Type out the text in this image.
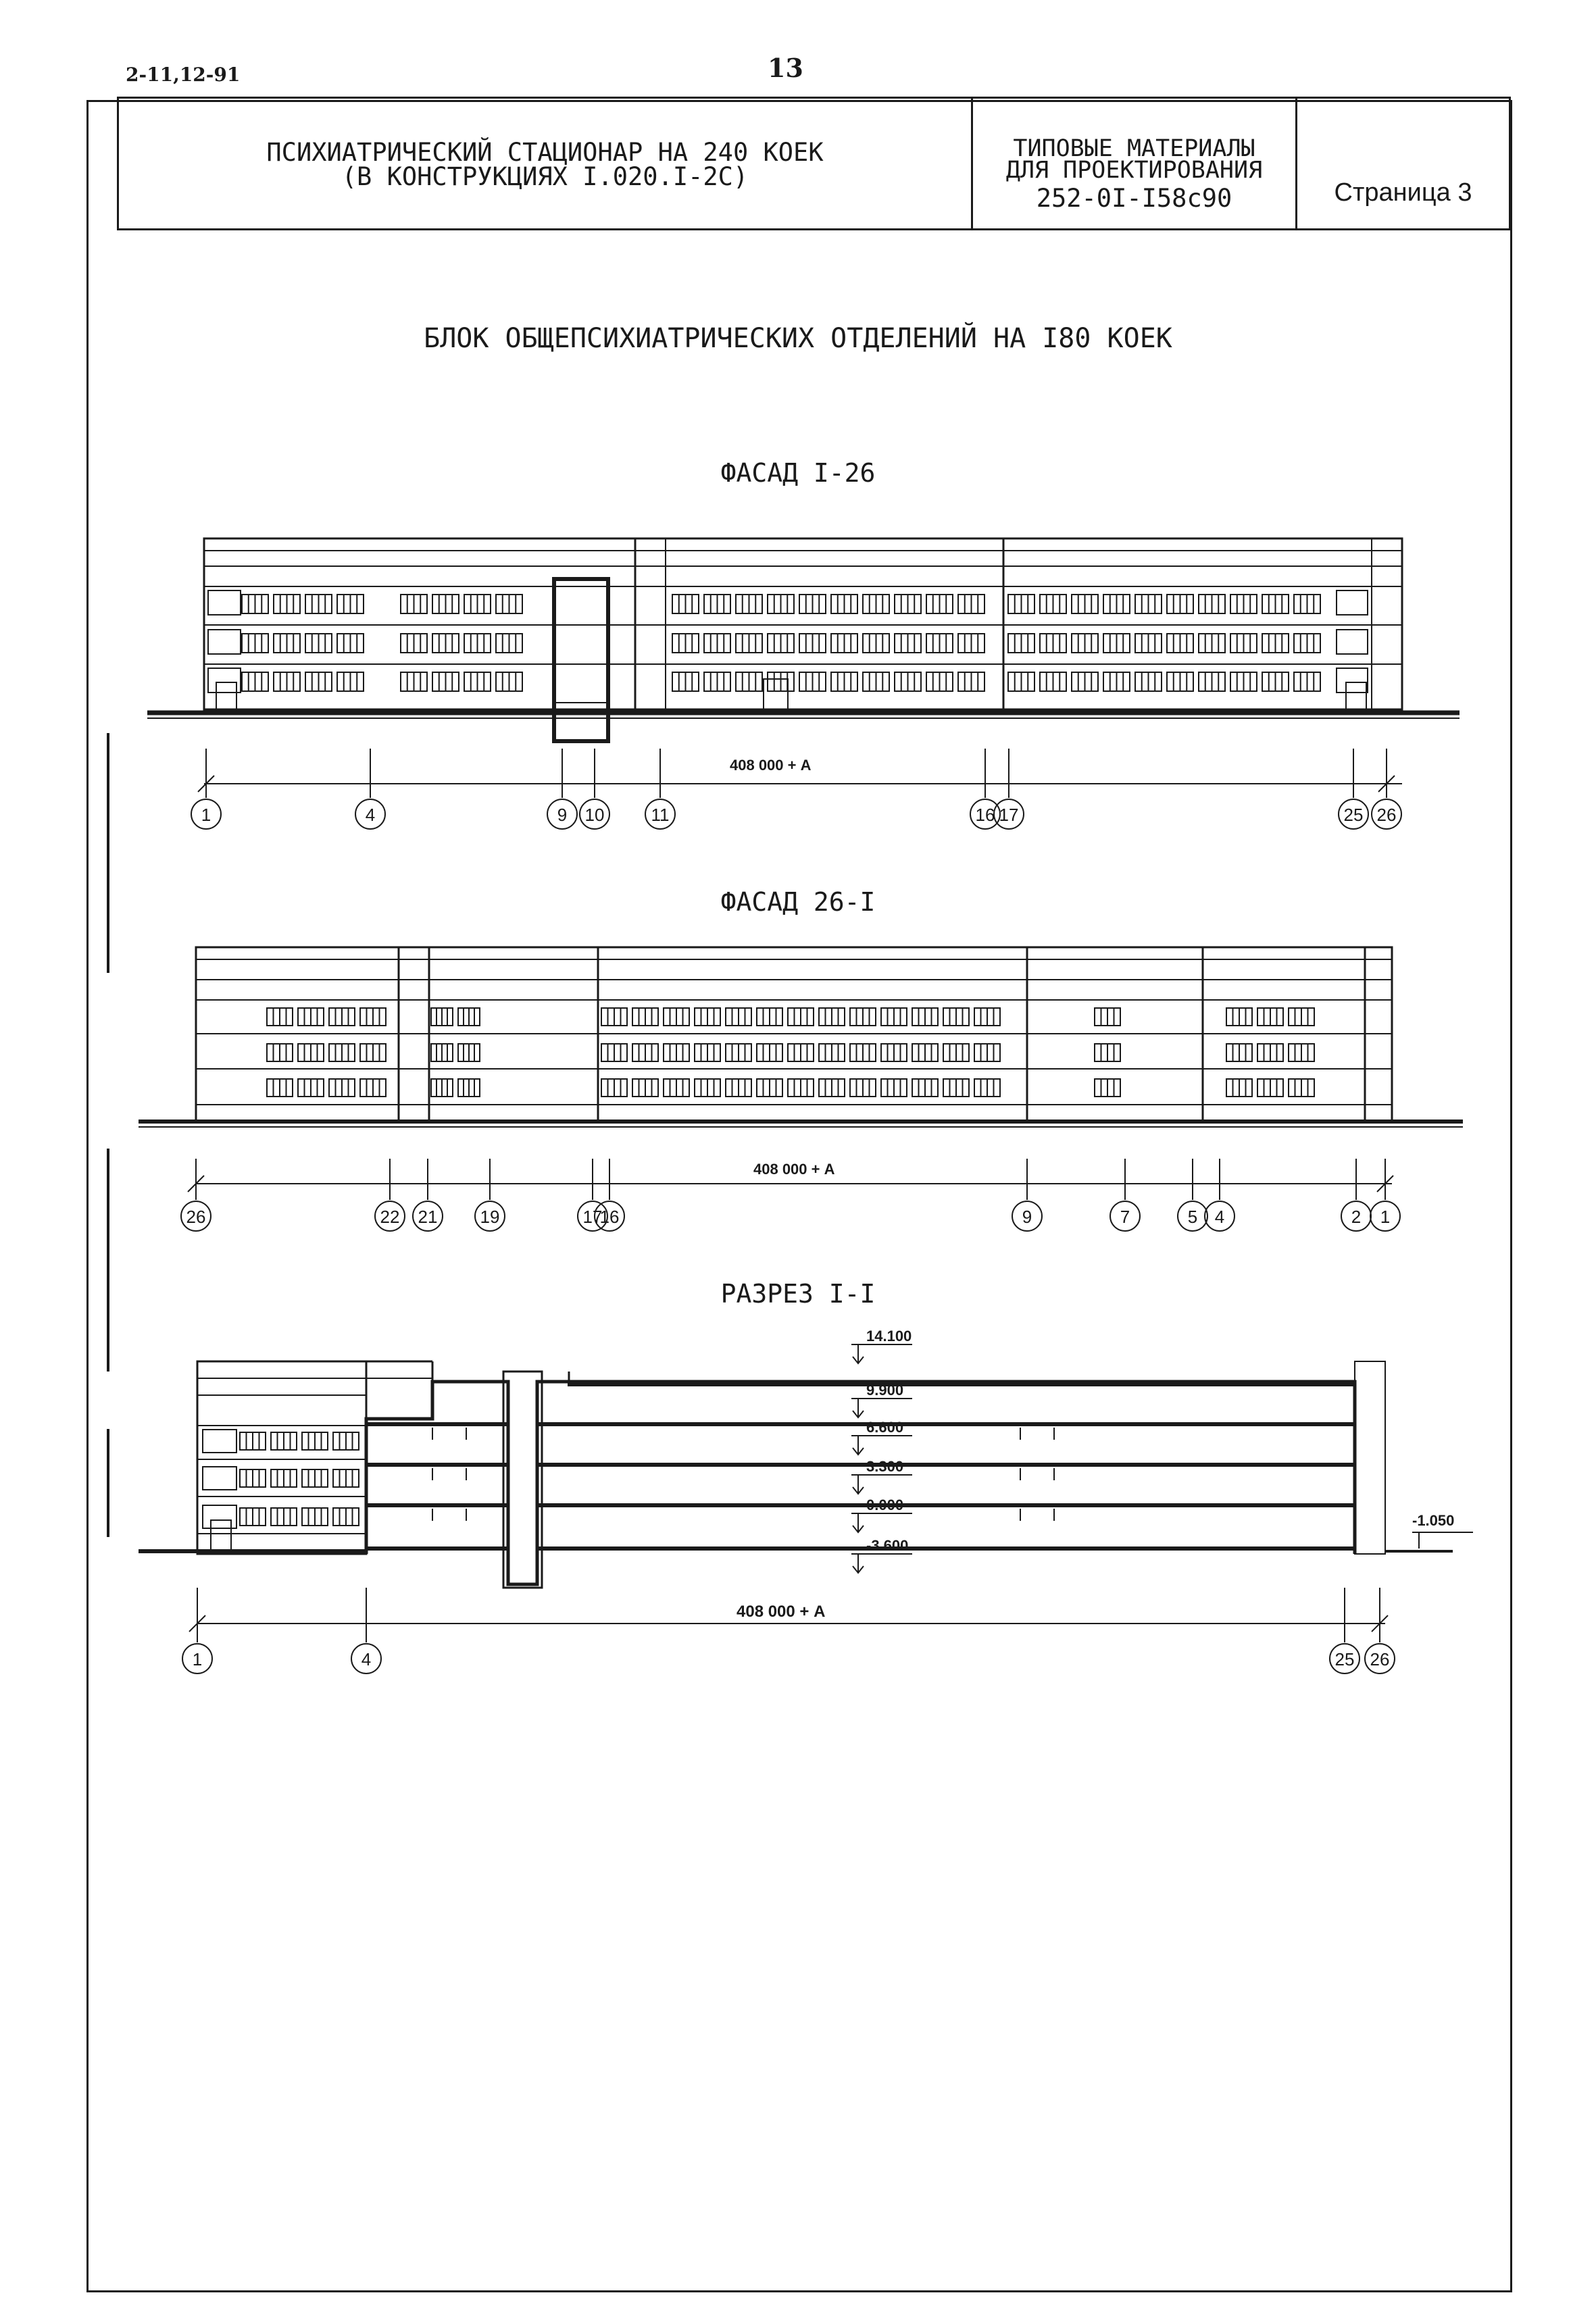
2-11,12-91	13
ПСИХИАТРИЧЕСКИЙ СТАЦИОНАР НА 240 КОЕК
(В КОНСТРУКЦИЯХ I.020.I-2C)
ТИПОВЫЕ МАТЕРИАЛЫ
ДЛЯ ПРОЕКТИРОВАНИЯ
252-0I-I58с90	Страница 3
БЛОК ОБЩЕПСИХИАТРИЧЕСКИХ ОТДЕЛЕНИЙ НА I80 КОЕК
ФАСАД I-26
1	4	9 10	11	16 17	25 26
26	22 21 19	17
16	9	7	5 4	2 1
14.100
9.900
6.600
3.300
0.000
-3.600
1	4	25 26
408 000 + А
ФАСАД 26-I
408 000 + А
РАЗРЕЗ I-I
408 000 + А
-1.050
